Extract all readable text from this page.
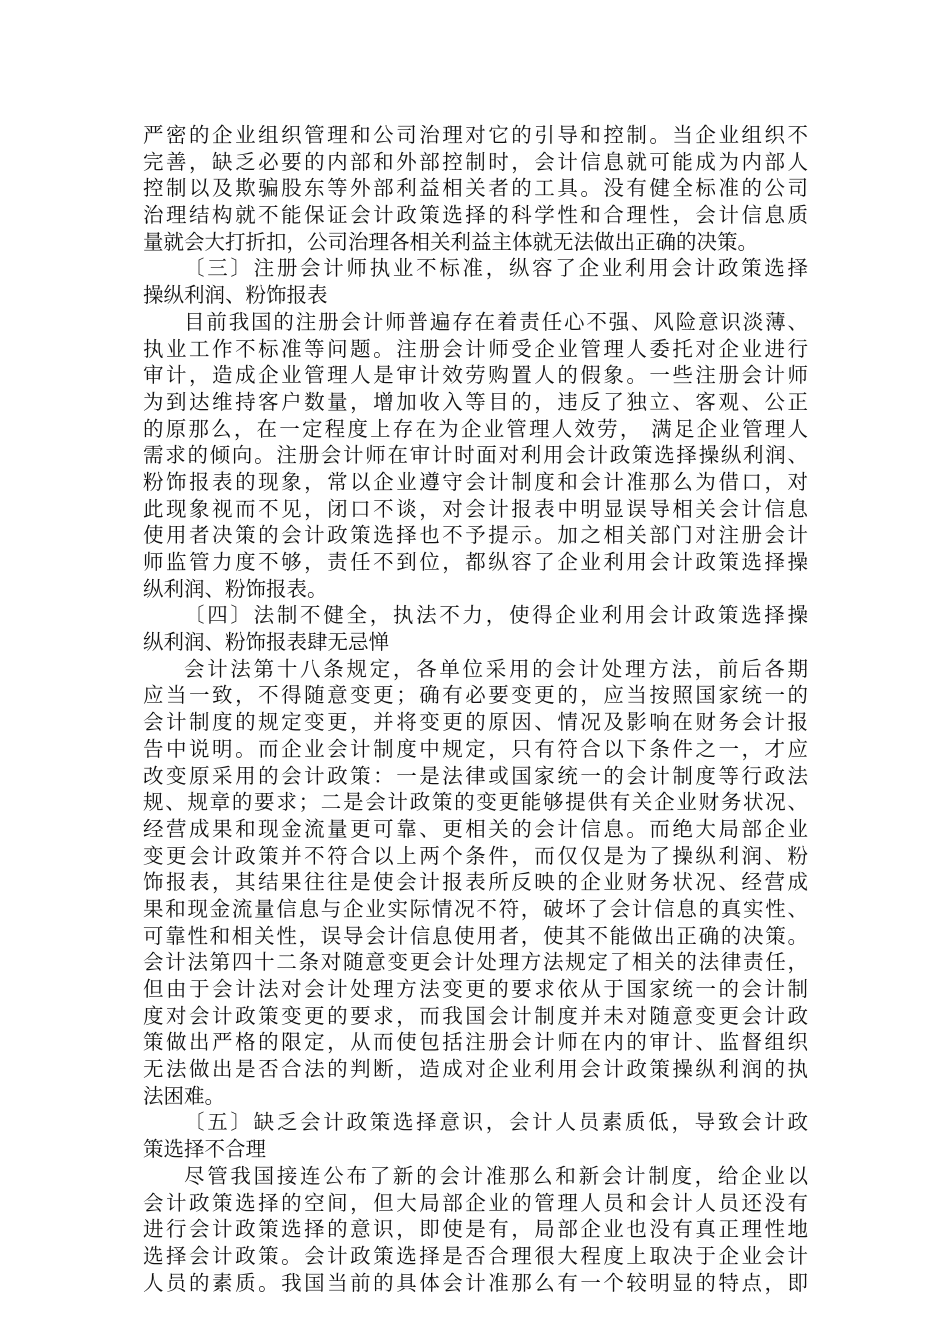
严密的企业组织管理和公司治理对它的引导和控制。当企业组织不
完善，缺乏必要的内部和外部控制时，会计信息就可能成为内部人
控制以及欺骗股东等外部利益相关者的工具。没有健全标准的公司
治理结构就不能保证会计政策选择的科学性和合理性，会计信息质
量就会大打折扣，公司治理各相关利益主体就无法做出正确的决策。
〔三〕注册会计师执业不标准，纵容了企业利用会计政策选择
操纵利润、粉饰报表
目前我国的注册会计师普遍存在着责任心不强、风险意识淡薄、
执业工作不标准等问题。注册会计师受企业管理人委托对企业进行
审计，造成企业管理人是审计效劳购置人的假象。一些注册会计师
为到达维持客户数量，增加收入等目的，违反了独立、客观、公正
的原那么，在一定程度上存在为企业管理人效劳， 满足企业管理人
需求的倾向。注册会计师在审计时面对利用会计政策选择操纵利润、
粉饰报表的现象，常以企业遵守会计制度和会计准那么为借口，对
此现象视而不见，闭口不谈，对会计报表中明显误导相关会计信息
使用者决策的会计政策选择也不予提示。加之相关部门对注册会计
师监管力度不够，责任不到位，都纵容了企业利用会计政策选择操
纵利润、粉饰报表。
〔四〕法制不健全，执法不力，使得企业利用会计政策选择操
纵利润、粉饰报表肆无忌惮
会计法第十八条规定，各单位采用的会计处理方法，前后各期
应当一致，不得随意变更；确有必要变更的，应当按照国家统一的
会计制度的规定变更，并将变更的原因、情况及影响在财务会计报
告中说明。而企业会计制度中规定，只有符合以下条件之一，才应
改变原采用的会计政策：一是法律或国家统一的会计制度等行政法
规、规章的要求；二是会计政策的变更能够提供有关企业财务状况、
经营成果和现金流量更可靠、更相关的会计信息。而绝大局部企业
变更会计政策并不符合以上两个条件，而仅仅是为了操纵利润、粉
饰报表，其结果往往是使会计报表所反映的企业财务状况、经营成
果和现金流量信息与企业实际情况不符，破坏了会计信息的真实性、
可靠性和相关性，误导会计信息使用者，使其不能做出正确的决策。
会计法第四十二条对随意变更会计处理方法规定了相关的法律责任，
但由于会计法对会计处理方法变更的要求依从于国家统一的会计制
度对会计政策变更的要求，而我国会计制度并未对随意变更会计政
策做出严格的限定，从而使包括注册会计师在内的审计、监督组织
无法做出是否合法的判断，造成对企业利用会计政策操纵利润的执
法困难。
〔五〕缺乏会计政策选择意识，会计人员素质低，导致会计政
策选择不合理
尽管我国接连公布了新的会计准那么和新会计制度，给企业以
会计政策选择的空间，但大局部企业的管理人员和会计人员还没有
进行会计政策选择的意识，即使是有，局部企业也没有真正理性地
选择会计政策。会计政策选择是否合理很大程度上取决于企业会计
人员的素质。我国当前的具体会计准那么有一个较明显的特点，即
